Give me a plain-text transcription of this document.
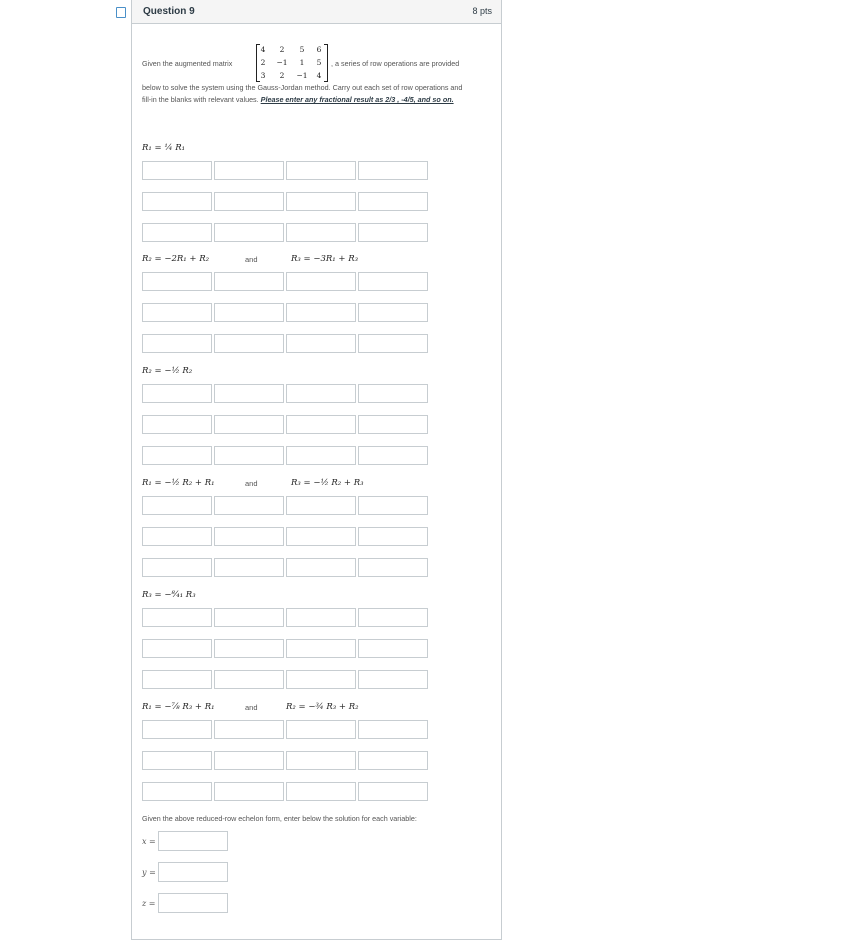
Question 9	8 pts
Given the augmented matrix
4	2	5	6
2	−1	1	5
3	2	−1	4
, a series of row operations are provided
below to solve the system using the Gauss-Jordan method. Carry out each set of row operations and
fill-in the blanks with relevant values. Please enter any fractional result as 2/3 , -4/5, and so on.
R₁ = ¼ R₁
R₂ = −2R₁ + R₂	and	R₃ = −3R₁ + R₃
R₂ = −½ R₂
R₁ = −½ R₂ + R₁	and	R₃ = −½ R₂ + R₃
R₃ = −⁸⁄₄₁ R₃
R₁ = −⁷⁄₈ R₃ + R₁	and	R₂ = −¾ R₃ + R₂
Given the above reduced-row echelon form, enter below the solution for each variable:
x =
y =
z =
